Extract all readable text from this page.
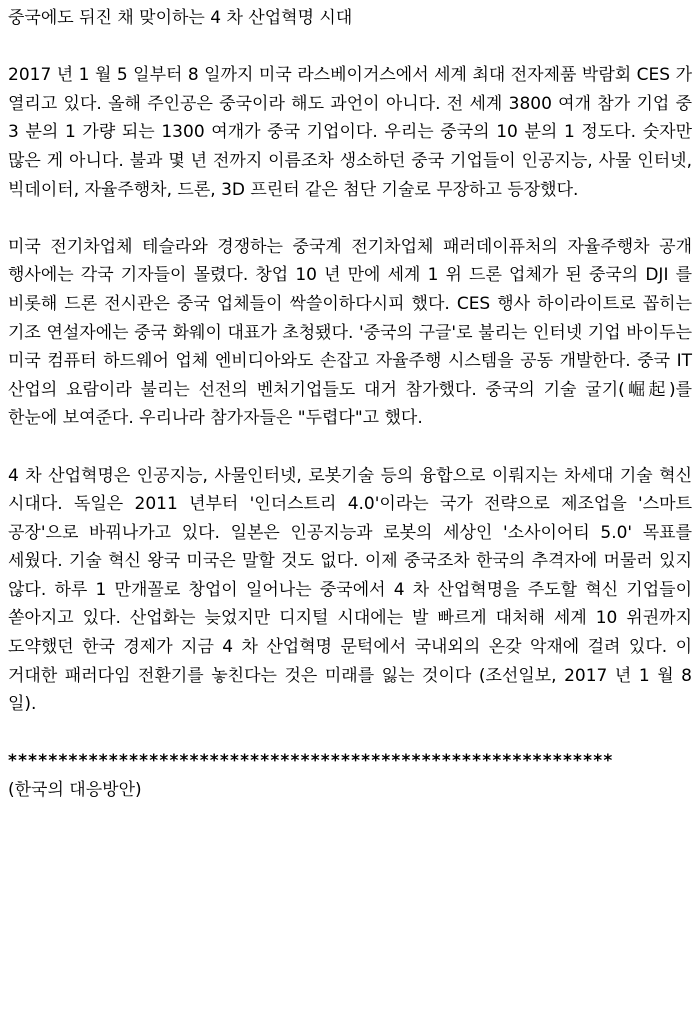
중국에도 뒤진 채 맞이하는 4 차 산업혁명 시대

2017 년 1 월 5 일부터 8 일까지 미국 라스베이거스에서 세계 최대 전자제품 박람회 CES 가 열리고 있다. 올해 주인공은 중국이라 해도 과언이 아니다. 전 세계 3800 여개 참가 기업 중 3 분의 1 가량 되는 1300 여개가 중국 기업이다. 우리는 중국의 10 분의 1 정도다. 숫자만 많은 게 아니다. 불과 몇 년 전까지 이름조차 생소하던 중국 기업들이 인공지능, 사물 인터넷, 빅데이터, 자율주행차, 드론, 3D 프린터 같은 첨단 기술로 무장하고 등장했다.

미국 전기차업체 테슬라와 경쟁하는 중국계 전기차업체 패러데이퓨처의 자율주행차 공개 행사에는 각국 기자들이 몰렸다. 창업 10 년 만에 세계 1 위 드론 업체가 된 중국의 DJI 를 비롯해 드론 전시관은 중국 업체들이 싹쓸이하다시피 했다. CES 행사 하이라이트로 꼽히는 기조 연설자에는 중국 화웨이 대표가 초청됐다. '중국의 구글'로 불리는 인터넷 기업 바이두는 미국 컴퓨터 하드웨어 업체 엔비디아와도 손잡고 자율주행 시스템을 공동 개발한다. 중국 IT 산업의 요람이라 불리는 선전의 벤처기업들도 대거 참가했다. 중국의 기술 굴기(崛起)를 한눈에 보여준다. 우리나라 참가자들은 "두렵다"고 했다.

4 차 산업혁명은 인공지능, 사물인터넷, 로봇기술 등의 융합으로 이뤄지는 차세대 기술 혁신 시대다. 독일은 2011 년부터 '인더스트리 4.0'이라는 국가 전략으로 제조업을 '스마트 공장'으로 바꿔나가고 있다. 일본은 인공지능과 로봇의 세상인 '소사이어티 5.0' 목표를 세웠다. 기술 혁신 왕국 미국은 말할 것도 없다. 이제 중국조차 한국의 추격자에 머물러 있지 않다. 하루 1 만개꼴로 창업이 일어나는 중국에서 4 차 산업혁명을 주도할 혁신 기업들이 쏟아지고 있다. 산업화는 늦었지만 디지털 시대에는 발 빠르게 대처해 세계 10 위권까지 도약했던 한국 경제가 지금 4 차 산업혁명 문턱에서 국내외의 온갖 악재에 걸려 있다. 이 거대한 패러다임 전환기를 놓친다는 것은 미래를 잃는 것이다 (조선일보, 2017 년 1 월 8 일).

************************************************************

(한국의 대응방안)
